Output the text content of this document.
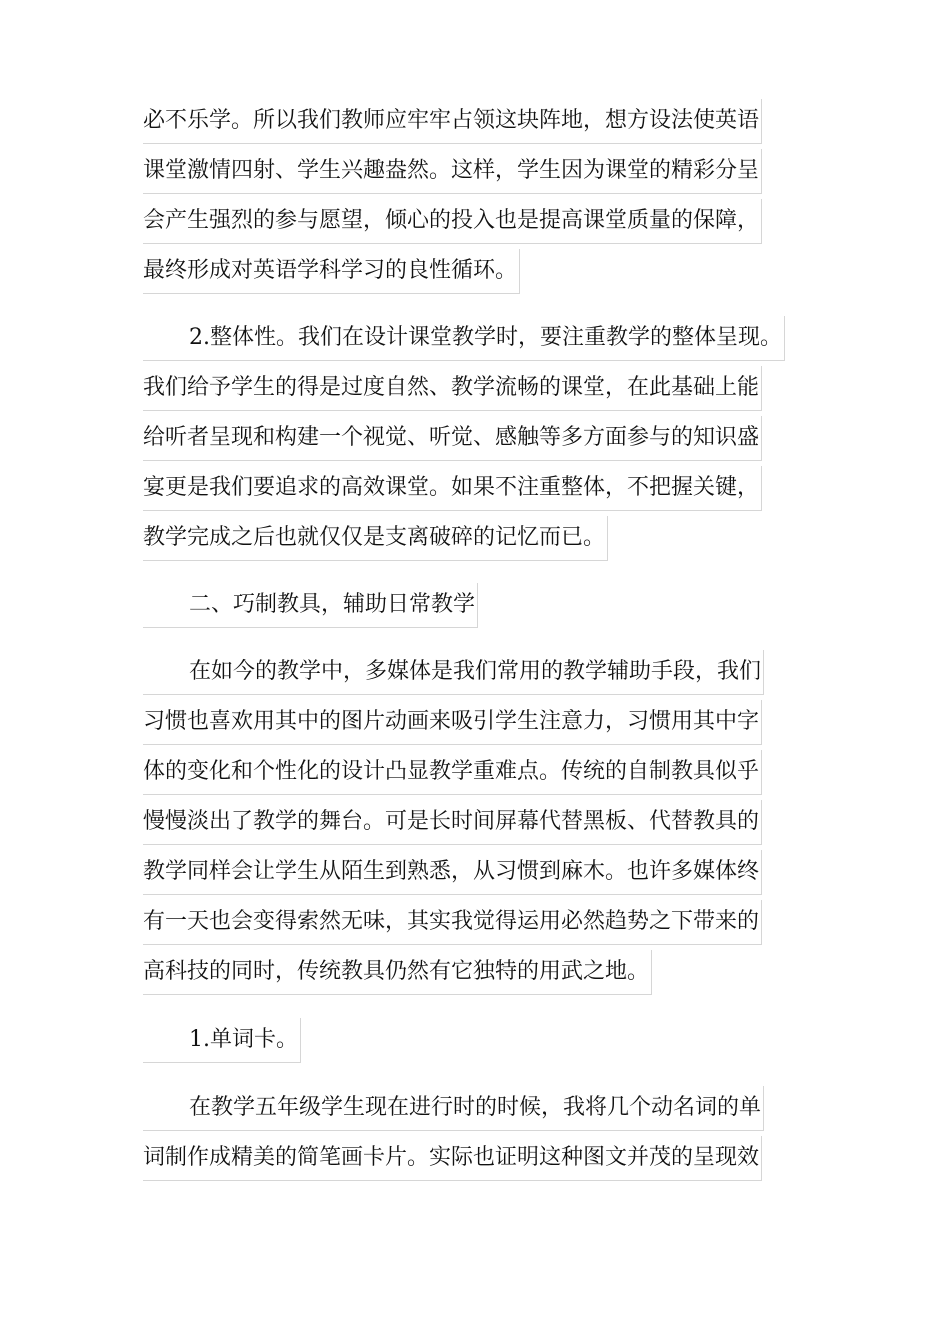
必不乐学。所以我们教师应牢牢占领这块阵地，想方设法使英语
课堂激情四射、学生兴趣盎然。这样，学生因为课堂的精彩分呈
会产生强烈的参与愿望，倾心的投入也是提高课堂质量的保障，
最终形成对英语学科学习的良性循环。
2.整体性。我们在设计课堂教学时，要注重教学的整体呈现。
我们给予学生的得是过度自然、教学流畅的课堂，在此基础上能
给听者呈现和构建一个视觉、听觉、感触等多方面参与的知识盛
宴更是我们要追求的高效课堂。如果不注重整体，不把握关键，
教学完成之后也就仅仅是支离破碎的记忆而已。
二、巧制教具，辅助日常教学
在如今的教学中，多媒体是我们常用的教学辅助手段，我们
习惯也喜欢用其中的图片动画来吸引学生注意力，习惯用其中字
体的变化和个性化的设计凸显教学重难点。传统的自制教具似乎
慢慢淡出了教学的舞台。可是长时间屏幕代替黑板、代替教具的
教学同样会让学生从陌生到熟悉，从习惯到麻木。也许多媒体终
有一天也会变得索然无味，其实我觉得运用必然趋势之下带来的
高科技的同时，传统教具仍然有它独特的用武之地。
1.单词卡。
在教学五年级学生现在进行时的时候，我将几个动名词的单
词制作成精美的简笔画卡片。实际也证明这种图文并茂的呈现效
